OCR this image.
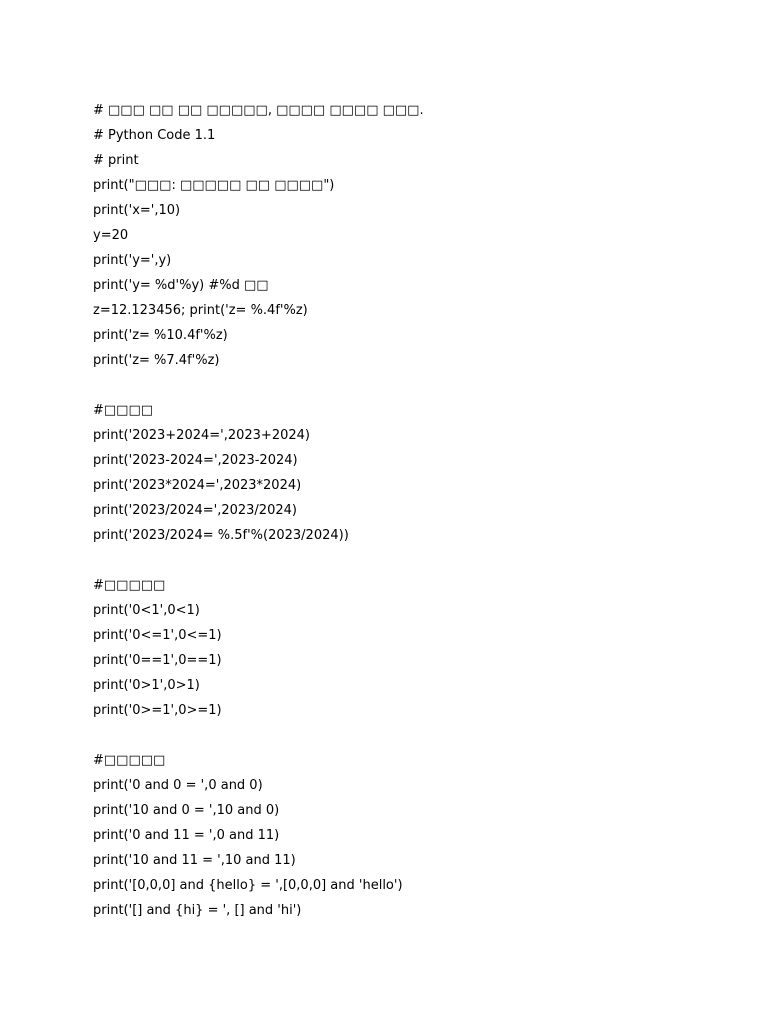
# □□□ □□ □□ □□□□□, □□□□ □□□□ □□□.
# Python Code 1.1
# print
print("□□□: □□□□□ □□ □□□□")
print('x=',10)
y=20
print('y=',y)
print('y= %d'%y) #%d □□
z=12.123456; print('z= %.4f'%z)
print('z= %10.4f'%z)
print('z= %7.4f'%z)
#□□□□
print('2023+2024=',2023+2024)
print('2023-2024=',2023-2024)
print('2023*2024=',2023*2024)
print('2023/2024=',2023/2024)
print('2023/2024= %.5f'%(2023/2024))
#□□□□□
print('0<1',0<1)
print('0<=1',0<=1)
print('0==1',0==1)
print('0>1',0>1)
print('0>=1',0>=1)
#□□□□□
print('0 and 0 = ',0 and 0)
print('10 and 0 = ',10 and 0)
print('0 and 11 = ',0 and 11)
print('10 and 11 = ',10 and 11)
print('[0,0,0] and {hello} = ',[0,0,0] and 'hello')
print('[] and {hi} = ', [] and 'hi')
